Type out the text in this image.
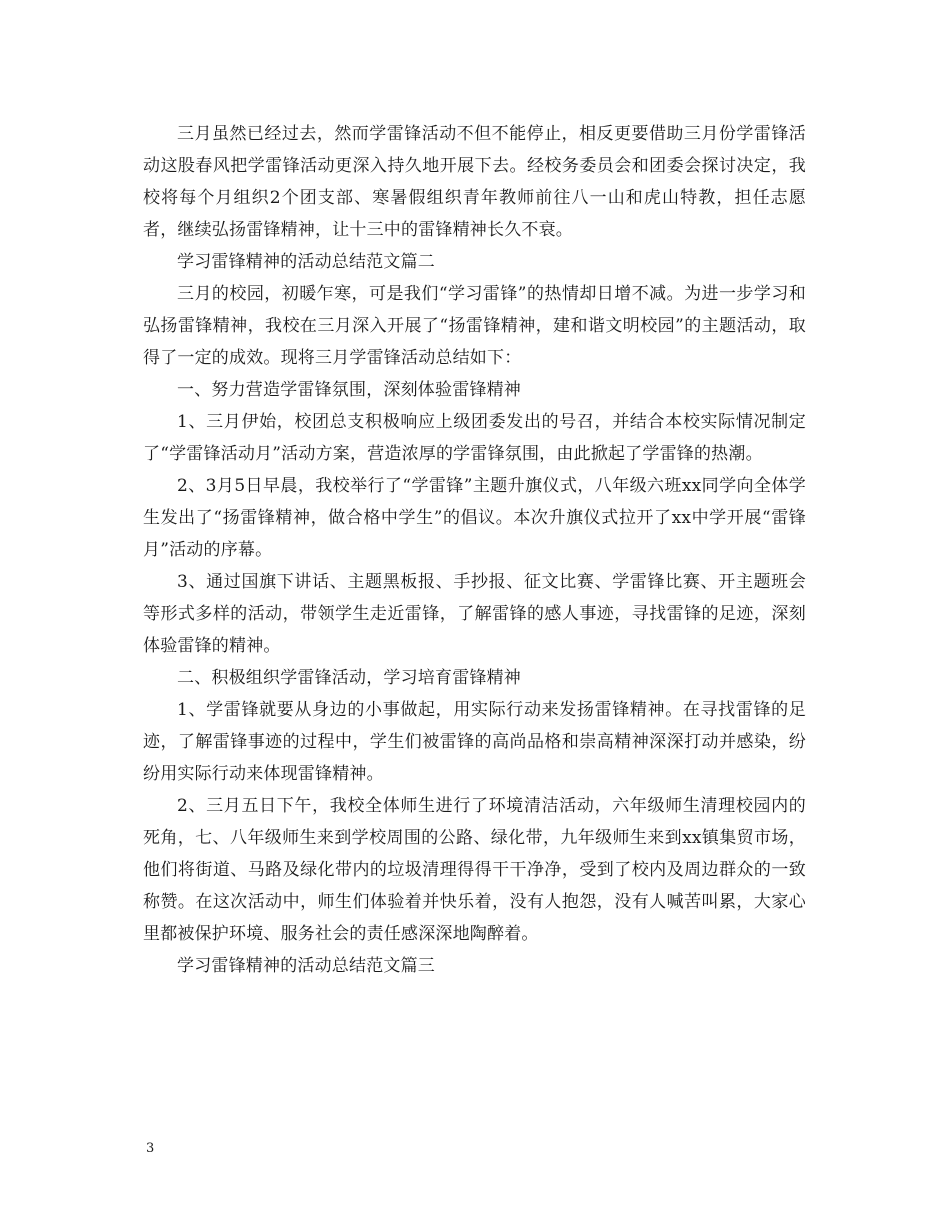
三月虽然已经过去，然而学雷锋活动不但不能停止，相反更要借助三月份学雷锋活动这股春风把学雷锋活动更深入持久地开展下去。经校务委员会和团委会探讨决定，我校将每个月组织2个团支部、寒暑假组织青年教师前往八一山和虎山特教，担任志愿者，继续弘扬雷锋精神，让十三中的雷锋精神长久不衰。

学习雷锋精神的活动总结范文篇二

三月的校园，初暖乍寒，可是我们“学习雷锋”的热情却日增不减。为进一步学习和弘扬雷锋精神，我校在三月深入开展了“扬雷锋精神，建和谐文明校园”的主题活动，取得了一定的成效。现将三月学雷锋活动总结如下：

一、努力营造学雷锋氛围，深刻体验雷锋精神

1、三月伊始，校团总支积极响应上级团委发出的号召，并结合本校实际情况制定了“学雷锋活动月”活动方案，营造浓厚的学雷锋氛围，由此掀起了学雷锋的热潮。

2、3月5日早晨，我校举行了“学雷锋”主题升旗仪式，八年级六班xx同学向全体学生发出了“扬雷锋精神，做合格中学生”的倡议。本次升旗仪式拉开了xx中学开展“雷锋月”活动的序幕。

3、通过国旗下讲话、主题黑板报、手抄报、征文比赛、学雷锋比赛、开主题班会等形式多样的活动，带领学生走近雷锋，了解雷锋的感人事迹，寻找雷锋的足迹，深刻体验雷锋的精神。

二、积极组织学雷锋活动，学习培育雷锋精神

1、学雷锋就要从身边的小事做起，用实际行动来发扬雷锋精神。在寻找雷锋的足迹，了解雷锋事迹的过程中，学生们被雷锋的高尚品格和崇高精神深深打动并感染，纷纷用实际行动来体现雷锋精神。

2、三月五日下午，我校全体师生进行了环境清洁活动，六年级师生清理校园内的死角，七、八年级师生来到学校周围的公路、绿化带，九年级师生来到xx镇集贸市场，他们将街道、马路及绿化带内的垃圾清理得得干干净净，受到了校内及周边群众的一致称赞。在这次活动中，师生们体验着并快乐着，没有人抱怨，没有人喊苦叫累，大家心里都被保护环境、服务社会的责任感深深地陶醉着。

学习雷锋精神的活动总结范文篇三

3
